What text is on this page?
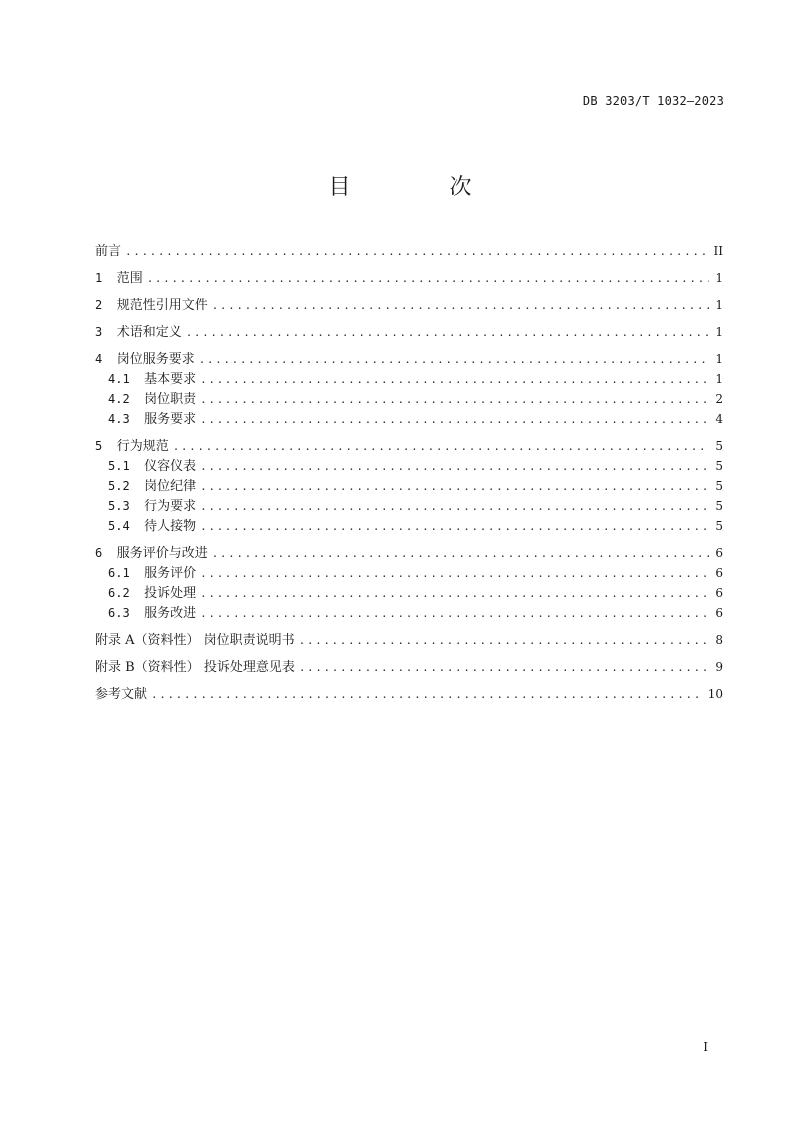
DB 3203/T 1032—2023
目 次
前言 .....	II
1 范围 .....	1
2 规范性引用文件 .....	1
3 术语和定义 .....	1
4 岗位服务要求 .....	1
4.1 基本要求 .....	1
4.2 岗位职责 .....	2
4.3 服务要求 .....	4
5 行为规范 .....	5
5.1 仪容仪表 .....	5
5.2 岗位纪律 .....	5
5.3 行为要求 .....	5
5.4 待人接物 .....	5
6 服务评价与改进 .....	6
6.1 服务评价 .....	6
6.2 投诉处理 .....	6
6.3 服务改进 .....	6
附录 A（资料性） 岗位职责说明书 .....	8
附录 B（资料性） 投诉处理意见表 .....	9
参考文献 .....	10
I
